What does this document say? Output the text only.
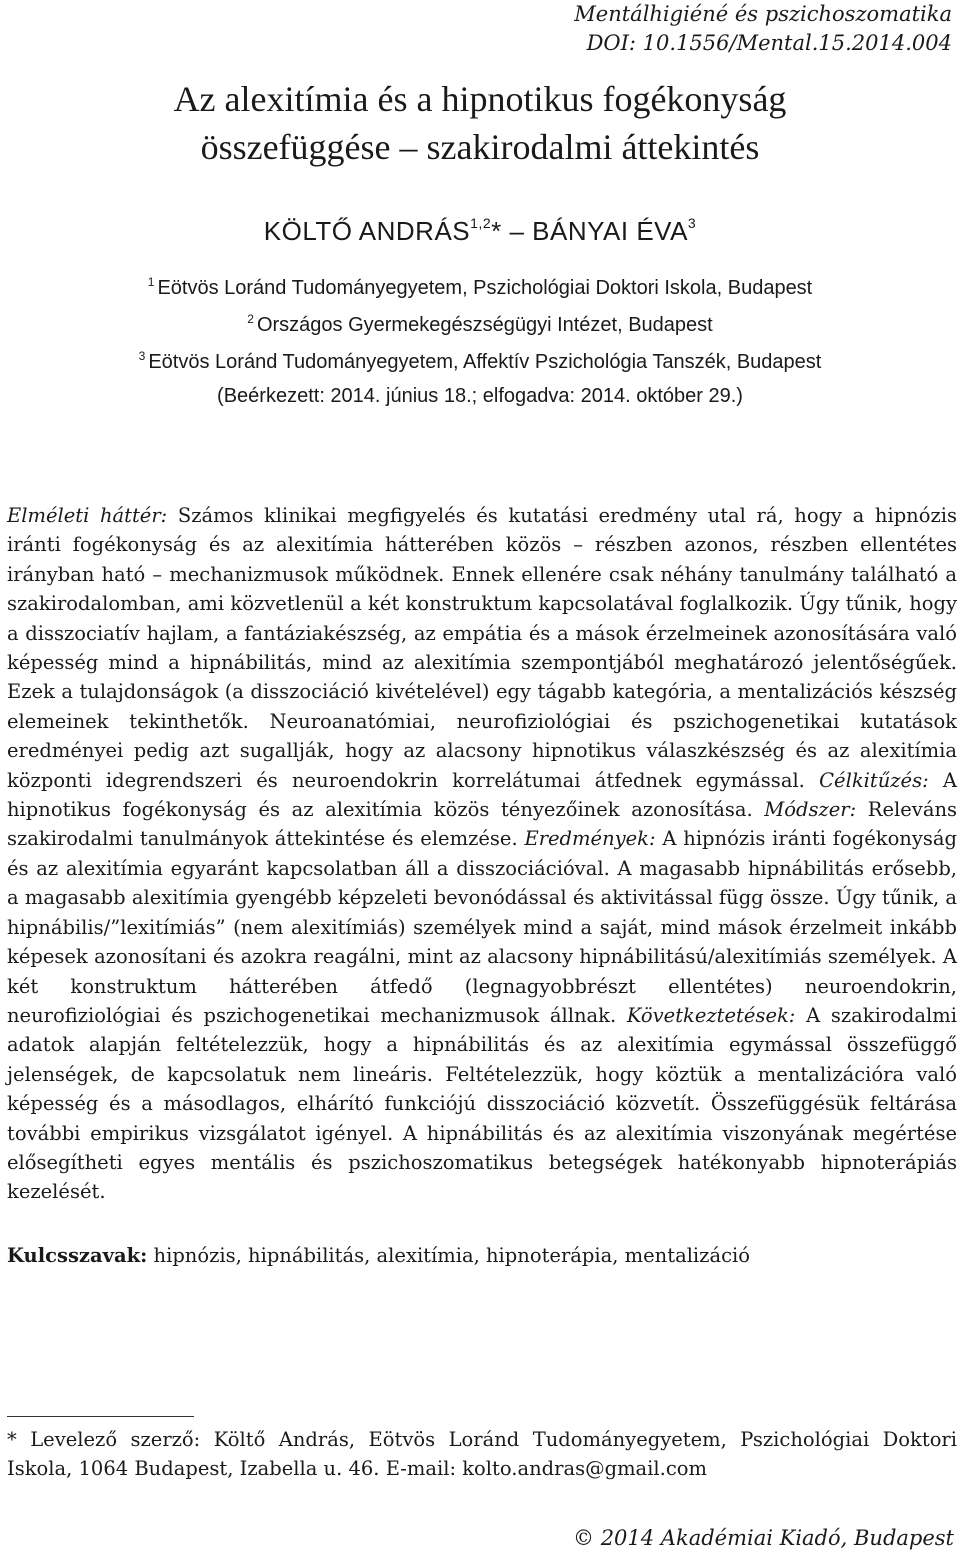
Mentálhigiéné és pszichoszomatika
DOI: 10.1556/Mental.15.2014.004
Az alexitímia és a hipnotikus fogékonyság
összefüggése – szakirodalmi áttekintés
KÖLTŐ ANDRÁS$^{1,2}$* – BÁNYAI ÉVA$^3$
$^1$ Eötvös Loránd Tudományegyetem, Pszichológiai Doktori Iskola, Budapest
$^2$ Országos Gyermekegészségügyi Intézet, Budapest
$^3$ Eötvös Loránd Tudományegyetem, Affektív Pszichológia Tanszék, Budapest
(Beérkezett: 2014. június 18.; elfogadva: 2014. október 29.)
Elméleti háttér: Számos klinikai megfigyelés és kutatási eredmény utal rá, hogy a hipnózis iránti fogékonyság és az alexitímia hátterében közös – részben azonos, részben ellentétes irányban ható – mechanizmusok működnek. Ennek ellenére csak néhány tanulmány található a szakirodalomban, ami közvetlenül a két konstruktum kapcsolatával foglalkozik. Úgy tűnik, hogy a disszociatív hajlam, a fantáziakészség, az empátia és a mások érzelmeinek azonosítására való képesség mind a hipnábilitás, mind az alexitímia szempontjából meghatározó jelentőségűek. Ezek a tulajdonságok (a disszociáció kivételével) egy tágabb kategória, a mentalizációs készség elemeinek tekinthetők. Neuroanatómiai, neurofiziológiai és pszichogenetikai kutatások eredményei pedig azt sugallják, hogy az alacsony hipnotikus válaszkészség és az alexitímia központi idegrendszeri és neuroendokrin korrelátumai átfednek egymással. Célkitűzés: A hipnotikus fogékonyság és az alexitímia közös tényezőinek azonosítása. Módszer: Releváns szakirodalmi tanulmányok áttekintése és elemzése. Eredmények: A hipnózis iránti fogékonyság és az alexitímia egyaránt kapcsolatban áll a disszociációval. A magasabb hipnábilitás erősebb, a magasabb alexitímia gyengébb képzeleti bevonódással és aktivitással függ össze. Úgy tűnik, a hipnábilis/”lexitímiás” (nem alexitímiás) személyek mind a saját, mind mások érzelmeit inkább képesek azonosítani és azokra reagálni, mint az alacsony hipnábilitású/alexitímiás személyek. A két konstruktum hátterében átfedő (legnagyobbrészt ellentétes) neuroendokrin, neurofiziológiai és pszichogenetikai mechanizmusok állnak. Következtetések: A szakirodalmi adatok alapján feltételezzük, hogy a hipnábilitás és az alexitímia egymással összefüggő jelenségek, de kapcsolatuk nem lineáris. Feltételezzük, hogy köztük a mentalizációra való képesség és a másodlagos, elhárító funkciójú disszociáció közvetít. Összefüggésük feltárása további empirikus vizsgálatot igényel. A hipnábilitás és az alexitímia viszonyának megértése elősegítheti egyes mentális és pszichoszomatikus betegségek hatékonyabb hipnoterápiás kezelését.
Kulcsszavak: hipnózis, hipnábilitás, alexitímia, hipnoterápia, mentalizáció
* Levelező szerző: Költő András, Eötvös Loránd Tudományegyetem, Pszichológiai Doktori Iskola, 1064 Budapest, Izabella u. 46. E-mail: kolto.andras@gmail.com
© 2014 Akadémiai Kiadó, Budapest
